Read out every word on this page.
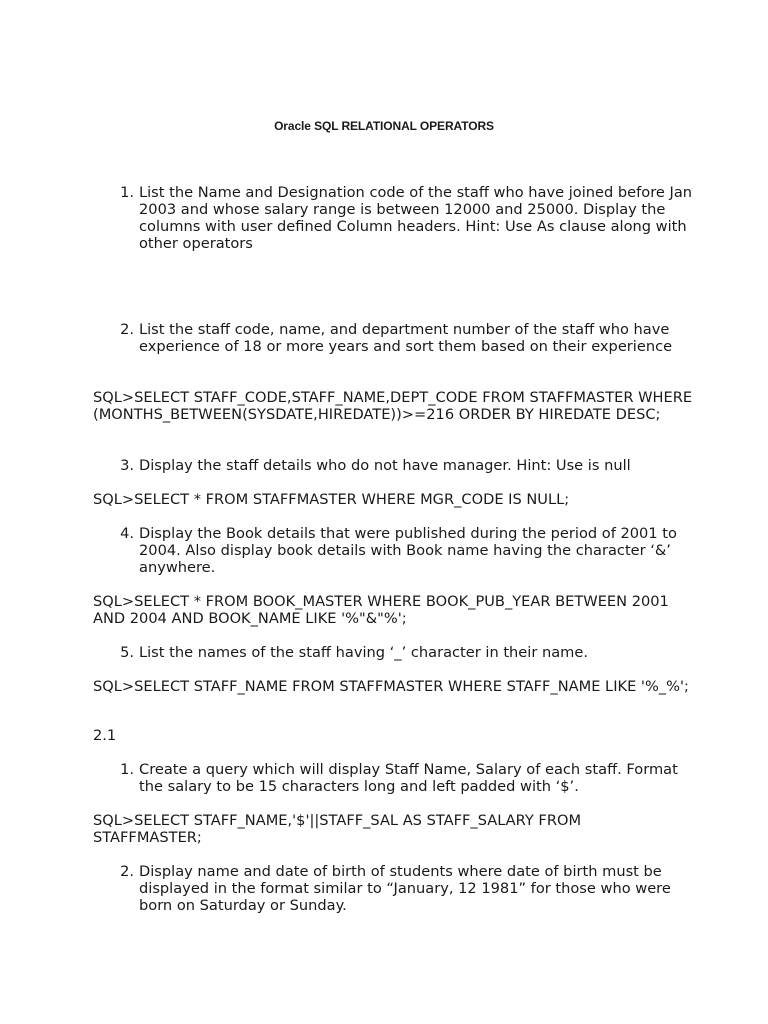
Oracle SQL RELATIONAL OPERATORS
1. List the Name and Designation code of the staff who have joined before Jan 2003 and whose salary range is between 12000 and 25000. Display the columns with user defined Column headers. Hint: Use As clause along with other operators
2. List the staff code, name, and department number of the staff who have experience of 18 or more years and sort them based on their experience
SQL>SELECT STAFF_CODE,STAFF_NAME,DEPT_CODE FROM STAFFMASTER WHERE (MONTHS_BETWEEN(SYSDATE,HIREDATE))>=216 ORDER BY HIREDATE DESC;
3. Display the staff details who do not have manager. Hint: Use is null
SQL>SELECT * FROM STAFFMASTER WHERE MGR_CODE IS NULL;
4. Display the Book details that were published during the period of 2001 to 2004. Also display book details with Book name having the character ‘&’ anywhere.
SQL>SELECT * FROM BOOK_MASTER WHERE BOOK_PUB_YEAR BETWEEN 2001 AND 2004 AND BOOK_NAME LIKE '%"&"%';
5. List the names of the staff having ‘_’ character in their name.
SQL>SELECT STAFF_NAME FROM STAFFMASTER WHERE STAFF_NAME LIKE '%_%';
2.1
1. Create a query which will display Staff Name, Salary of each staff. Format the salary to be 15 characters long and left padded with ‘$’.
SQL>SELECT STAFF_NAME,'$'||STAFF_SAL AS STAFF_SALARY FROM STAFFMASTER;
2. Display name and date of birth of students where date of birth must be displayed in the format similar to “January, 12 1981” for those who were born on Saturday or Sunday.
